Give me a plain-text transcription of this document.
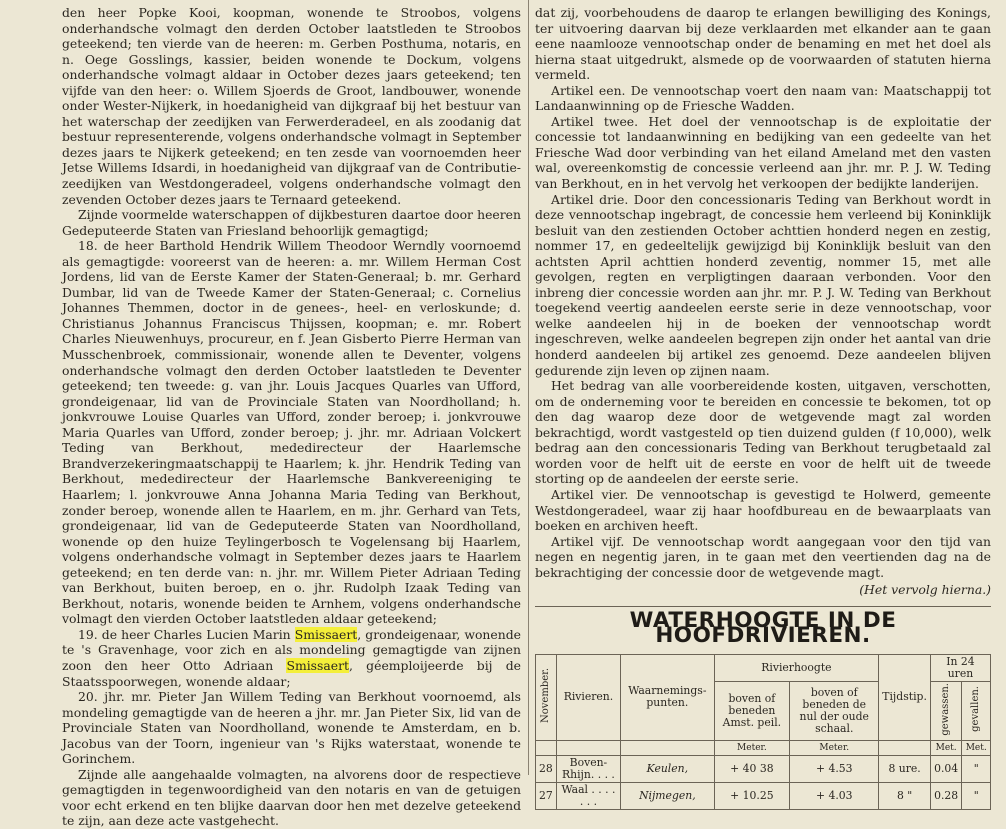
den heer Popke Kooi, koopman, wonende te Stroobos, volgens onderhandsche volmagt den derden October laatstleden te Stroobos geteekend; ten vierde van de heeren: m. Gerben Posthuma, notaris, en n. Oege Gosslings, kassier, beiden wonende te Dockum, volgens onderhandsche volmagt aldaar in October dezes jaars geteekend; ten vijfde van den heer: o. Willem Sjoerds de Groot, landbouwer, wonende onder Wester-Nijkerk, in hoedanigheid van dijkgraaf bij het bestuur van het waterschap der zeedijken van Ferwerderadeel, en als zoodanig dat bestuur representerende, volgens onderhandsche volmagt in September dezes jaars te Nijkerk geteekend; en ten zesde van voornoemden heer Jetse Willems Idsardi, in hoedanigheid van dijkgraaf van de Contributie-zeedijken van Westdongeradeel, volgens onderhandsche volmagt den zevenden October dezes jaars te Ternaard geteekend.

Zijnde voormelde waterschappen of dijkbesturen daartoe door heeren Gedeputeerde Staten van Friesland behoorlijk gemagtigd;

18. de heer Barthold Hendrik Willem Theodoor Werndly voornoemd als gemagtigde: vooreerst van de heeren: a. mr. Willem Herman Cost Jordens, lid van de Eerste Kamer der Staten-Generaal; b. mr. Gerhard Dumbar, lid van de Tweede Kamer der Staten-Generaal; c. Cornelius Johannes Themmen, doctor in de genees-, heel- en verloskunde; d. Christianus Johannus Franciscus Thijssen, koopman; e. mr. Robert Charles Nieuwenhuys, procureur, en f. Jean Gisberto Pierre Herman van Musschenbroek, commissionair, wonende allen te Deventer, volgens onderhandsche volmagt den derden October laatstleden te Deventer geteekend; ten tweede: g. van jhr. Louis Jacques Quarles van Ufford, grondeigenaar, lid van de Provinciale Staten van Noordholland; h. jonkvrouwe Louise Quarles van Ufford, zonder beroep; i. jonkvrouwe Maria Quarles van Ufford, zonder beroep; j. jhr. mr. Adriaan Volckert Teding van Berkhout, mededirecteur der Haarlemsche Brandverzekeringmaatschappij te Haarlem; k. jhr. Hendrik Teding van Berkhout, mededirecteur der Haarlemsche Bankvereeniging te Haarlem; l. jonkvrouwe Anna Johanna Maria Teding van Berkhout, zonder beroep, wonende allen te Haarlem, en m. jhr. Gerhard van Tets, grondeigenaar, lid van de Gedeputeerde Staten van Noordholland, wonende op den huize Teylingerbosch te Vogelensang bij Haarlem, volgens onderhandsche volmagt in September dezes jaars te Haarlem geteekend; en ten derde van: n. jhr. mr. Willem Pieter Adriaan Teding van Berkhout, buiten beroep, en o. jhr. Rudolph Izaak Teding van Berkhout, notaris, wonende beiden te Arnhem, volgens onderhandsche volmagt den vierden October laatstleden aldaar geteekend;

19. de heer Charles Lucien Marin Smissaert, grondeigenaar, wonende te 's Gravenhage, voor zich en als mondeling gemagtigde van zijnen zoon den heer Otto Adriaan Smissaert, géemploijeerde bij de Staatsspoorwegen, wonende aldaar;

20. jhr. mr. Pieter Jan Willem Teding van Berkhout voornoemd, als mondeling gemagtigde van de heeren a jhr. mr. Jan Pieter Six, lid van de Provinciale Staten van Noordholland, wonende te Amsterdam, en b. Jacobus van der Toorn, ingenieur van 's Rijks waterstaat, wonende te Gorinchem.

Zijnde alle aangehaalde volmagten, na alvorens door de respectieve gemagtigden in tegenwoordigheid van den notaris en van de getuigen voor echt erkend en ten blijke daarvan door hen met dezelve geteekend te zijn, aan deze acte vastgehecht.

dat zij, voorbehoudens de daarop te erlangen bewilliging des Konings, ter uitvoering daarvan bij deze verklaarden met elkander aan te gaan eene naamlooze vennootschap onder de benaming en met het doel als hierna staat uitgedrukt, alsmede op de voorwaarden of statuten hierna vermeld.

Artikel een. De vennootschap voert den naam van: Maatschappij tot Landaanwinning op de Friesche Wadden.

Artikel twee. Het doel der vennootschap is de exploitatie der concessie tot landaanwinning en bedijking van een gedeelte van het Friesche Wad door verbinding van het eiland Ameland met den vasten wal, overeenkomstig de concessie verleend aan jhr. mr. P. J. W. Teding van Berkhout, en in het vervolg het verkoopen der bedijkte landerijen.

Artikel drie. Door den concessionaris Teding van Berkhout wordt in deze vennootschap ingebragt, de concessie hem verleend bij Koninklijk besluit van den zestienden October achttien honderd negen en zestig, nommer 17, en gedeeltelijk gewijzigd bij Koninklijk besluit van den achtsten April achttien honderd zeventig, nommer 15, met alle gevolgen, regten en verpligtingen daaraan verbonden. Voor den inbreng dier concessie worden aan jhr. mr. P. J. W. Teding van Berkhout toegekend veertig aandeelen eerste serie in deze vennootschap, voor welke aandeelen hij in de boeken der vennootschap wordt ingeschreven, welke aandeelen begrepen zijn onder het aantal van drie honderd aandeelen bij artikel zes genoemd. Deze aandeelen blijven gedurende zijn leven op zijnen naam.

Het bedrag van alle voorbereidende kosten, uitgaven, verschotten, om de onderneming voor te bereiden en concessie te bekomen, tot op den dag waarop deze door de wetgevende magt zal worden bekrachtigd, wordt vastgesteld op tien duizend gulden (f 10,000), welk bedrag aan den concessionaris Teding van Berkhout terugbetaald zal worden voor de helft uit de eerste en voor de helft uit de tweede storting op de aandeelen der eerste serie.

Artikel vier. De vennootschap is gevestigd te Holwerd, gemeente Westdongeradeel, waar zij haar hoofdbureau en de bewaarplaats van boeken en archiven heeft.

Artikel vijf. De vennootschap wordt aangegaan voor den tijd van negen en negentig jaren, in te gaan met den veertienden dag na de bekrachtiging der concessie door de wetgevende magt.

(Het vervolg hierna.)
WATERHOOGTE IN DE HOOFDRIVIEREN.
November.	Rivieren.	Waarnemings-punten.	Rivierhoogte		Tijdstip.	In 24 uren	
			boven of beneden Amst. peil.	boven of beneden de nul der oude schaal.		gewassen.	gevallen.
			Meter.	Meter.		Met.	Met.
28	Boven-Rhijn. . . .	Keulen,	+ 40 38	+ 4.53	8 ure.	0.04	"
27	Waal . . . . . . .	Nijmegen,	+ 10.25	+ 4.03	8 "	0.28	"
